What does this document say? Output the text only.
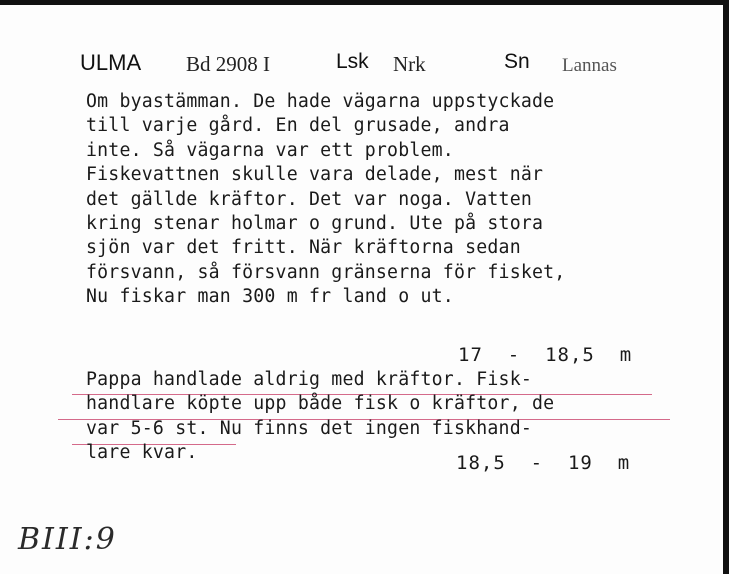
ULMA Bd 2908 I	Lsk Nrk	Sn Lannas
Om byastämman. De hade vägarna uppstyckade
till varje gård. En del grusade, andra
inte. Så vägarna var ett problem.
Fiskevattnen skulle vara delade, mest när
det gällde kräftor. Det var noga. Vatten
kring stenar holmar o grund. Ute på stora
sjön var det fritt. När kräftorna sedan
försvann, så försvann gränserna för fisket,
Nu fiskar man 300 m fr land o ut.
17  -  18,5  m
Pappa handlade aldrig med kräftor. Fisk-
handlare köpte upp både fisk o kräftor, de
var 5-6 st. Nu finns det ingen fiskhand-
lare kvar.	18,5  -  19  m
BIII:9
